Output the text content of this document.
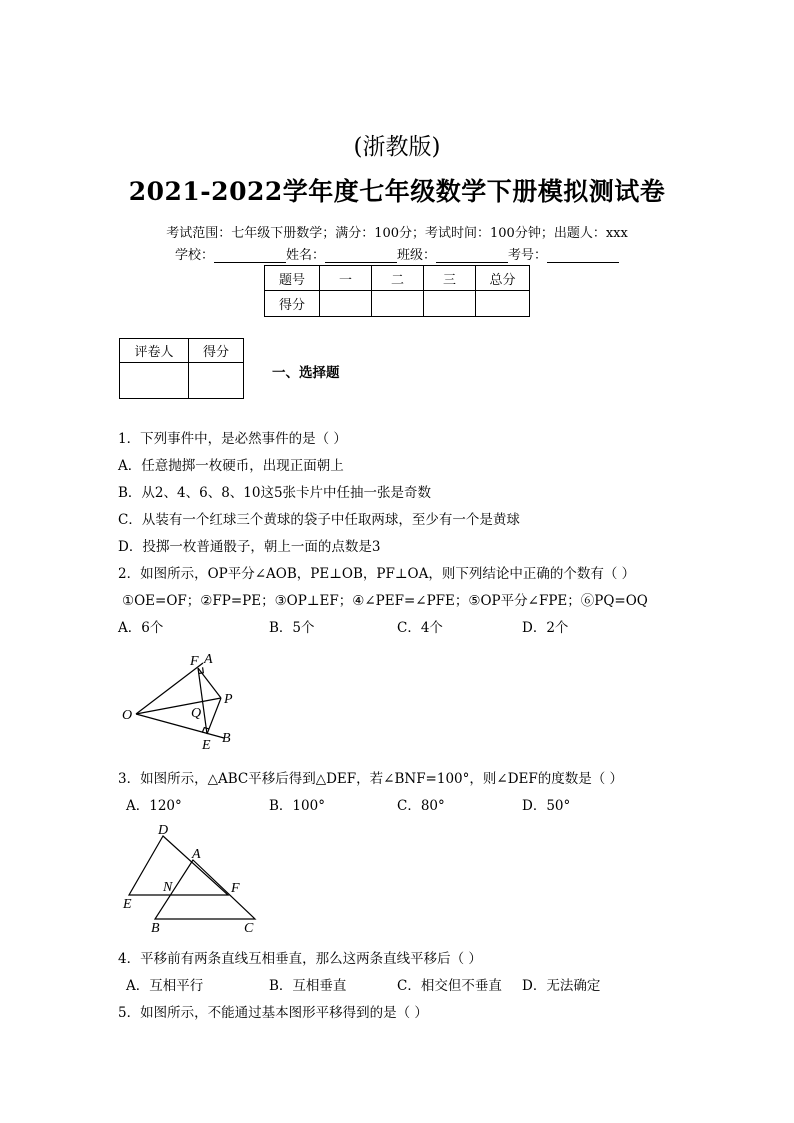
(浙教版)
2021-2022学年度七年级数学下册模拟测试卷
考试范围：七年级下册数学；满分：100分；考试时间：100分钟；出题人：xxx
学校：	姓名：	班级：	考号：
题号	一	二	三	总分
得分				
评卷人	得分

一、选择题
1．下列事件中，是必然事件的是（ ）
A．任意抛掷一枚硬币，出现正面朝上
B．从2、4、6、8、10这5张卡片中任抽一张是奇数
C．从装有一个红球三个黄球的袋子中任取两球，至少有一个是黄球
D．投掷一枚普通骰子，朝上一面的点数是3
2．如图所示，OP平分∠AOB，PE⊥OB，PF⊥OA，则下列结论中正确的个数有（ ）
①OE=OF；②FP=PE；③OP⊥EF；④∠PEF=∠PFE；⑤OP平分∠FPE；⑥PQ=OQ
A．6个	B．5个	C．4个	D．2个
F A
O	Q
P
E B
3．如图所示，△ABC平移后得到△DEF，若∠BNF=100°，则∠DEF的度数是（ ）
A．120°	B．100°	C．80°	D．50°
D
A
N	F
E
B	C
4．平移前有两条直线互相垂直，那么这两条直线平移后（ ）
A．互相平行	B．互相垂直	C．相交但不垂直 D．无法确定
5．如图所示，不能通过基本图形平移得到的是（ ）
